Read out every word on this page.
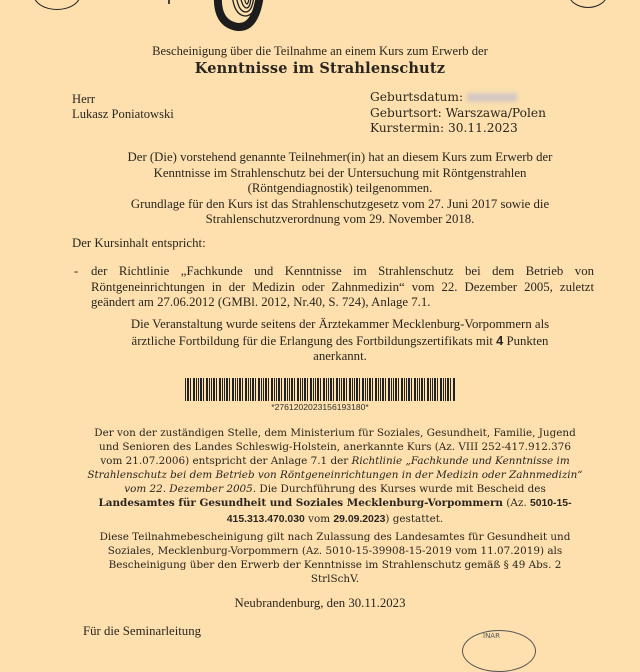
Bescheinigung über die Teilnahme an einem Kurs zum Erwerb der
Kenntnisse im Strahlenschutz
Herr
Lukasz Poniatowski
Geburtsdatum:
Geburtsort: Warszawa/Polen
Kurstermin: 30.11.2023
Der (Die) vorstehend genannte Teilnehmer(in) hat an diesem Kurs zum Erwerb der
Kenntnisse im Strahlenschutz bei der Untersuchung mit Röntgenstrahlen
(Röntgendiagnostik) teilgenommen.
Grundlage für den Kurs ist das Strahlenschutzgesetz vom 27. Juni 2017 sowie die
Strahlenschutzverordnung vom 29. November 2018.
Der Kursinhalt entspricht:
- der Richtlinie „Fachkunde und Kenntnisse im Strahlenschutz bei dem Betrieb von Röntgeneinrichtungen in der Medizin oder Zahnmedizin“ vom 22. Dezember 2005, zuletzt geändert am 27.06.2012 (GMBl. 2012, Nr.40, S. 724), Anlage 7.1.
Die Veranstaltung wurde seitens der Ärztekammer Mecklenburg-Vorpommern als
ärztliche Fortbildung für die Erlangung des Fortbildungszertifikats mit 4 Punkten
anerkannt.
*2761202023156193180*
Der von der zuständigen Stelle, dem Ministerium für Soziales, Gesundheit, Familie, Jugend
und Senioren des Landes Schleswig-Holstein, anerkannte Kurs (Az. VIII 252-417.912.376
vom 21.07.2006) entspricht der Anlage 7.1 der Richtlinie „Fachkunde und Kenntnisse im
Strahlenschutz bei dem Betrieb von Röntgeneinrichtungen in der Medizin oder Zahnmedizin“
vom 22. Dezember 2005. Die Durchführung des Kurses wurde mit Bescheid des
Landesamtes für Gesundheit und Soziales Mecklenburg-Vorpommern (Az. 5010-15-
415.313.470.030 vom 29.09.2023) gestattet.
Diese Teilnahmebescheinigung gilt nach Zulassung des Landesamtes für Gesundheit und
Soziales, Mecklenburg-Vorpommern (Az. 5010-15-39908-15-2019 vom 11.07.2019) als
Bescheinigung über den Erwerb der Kenntnisse im Strahlenschutz gemäß § 49 Abs. 2
StrlSchV.
Neubrandenburg, den 30.11.2023
Für die Seminarleitung	INAR
